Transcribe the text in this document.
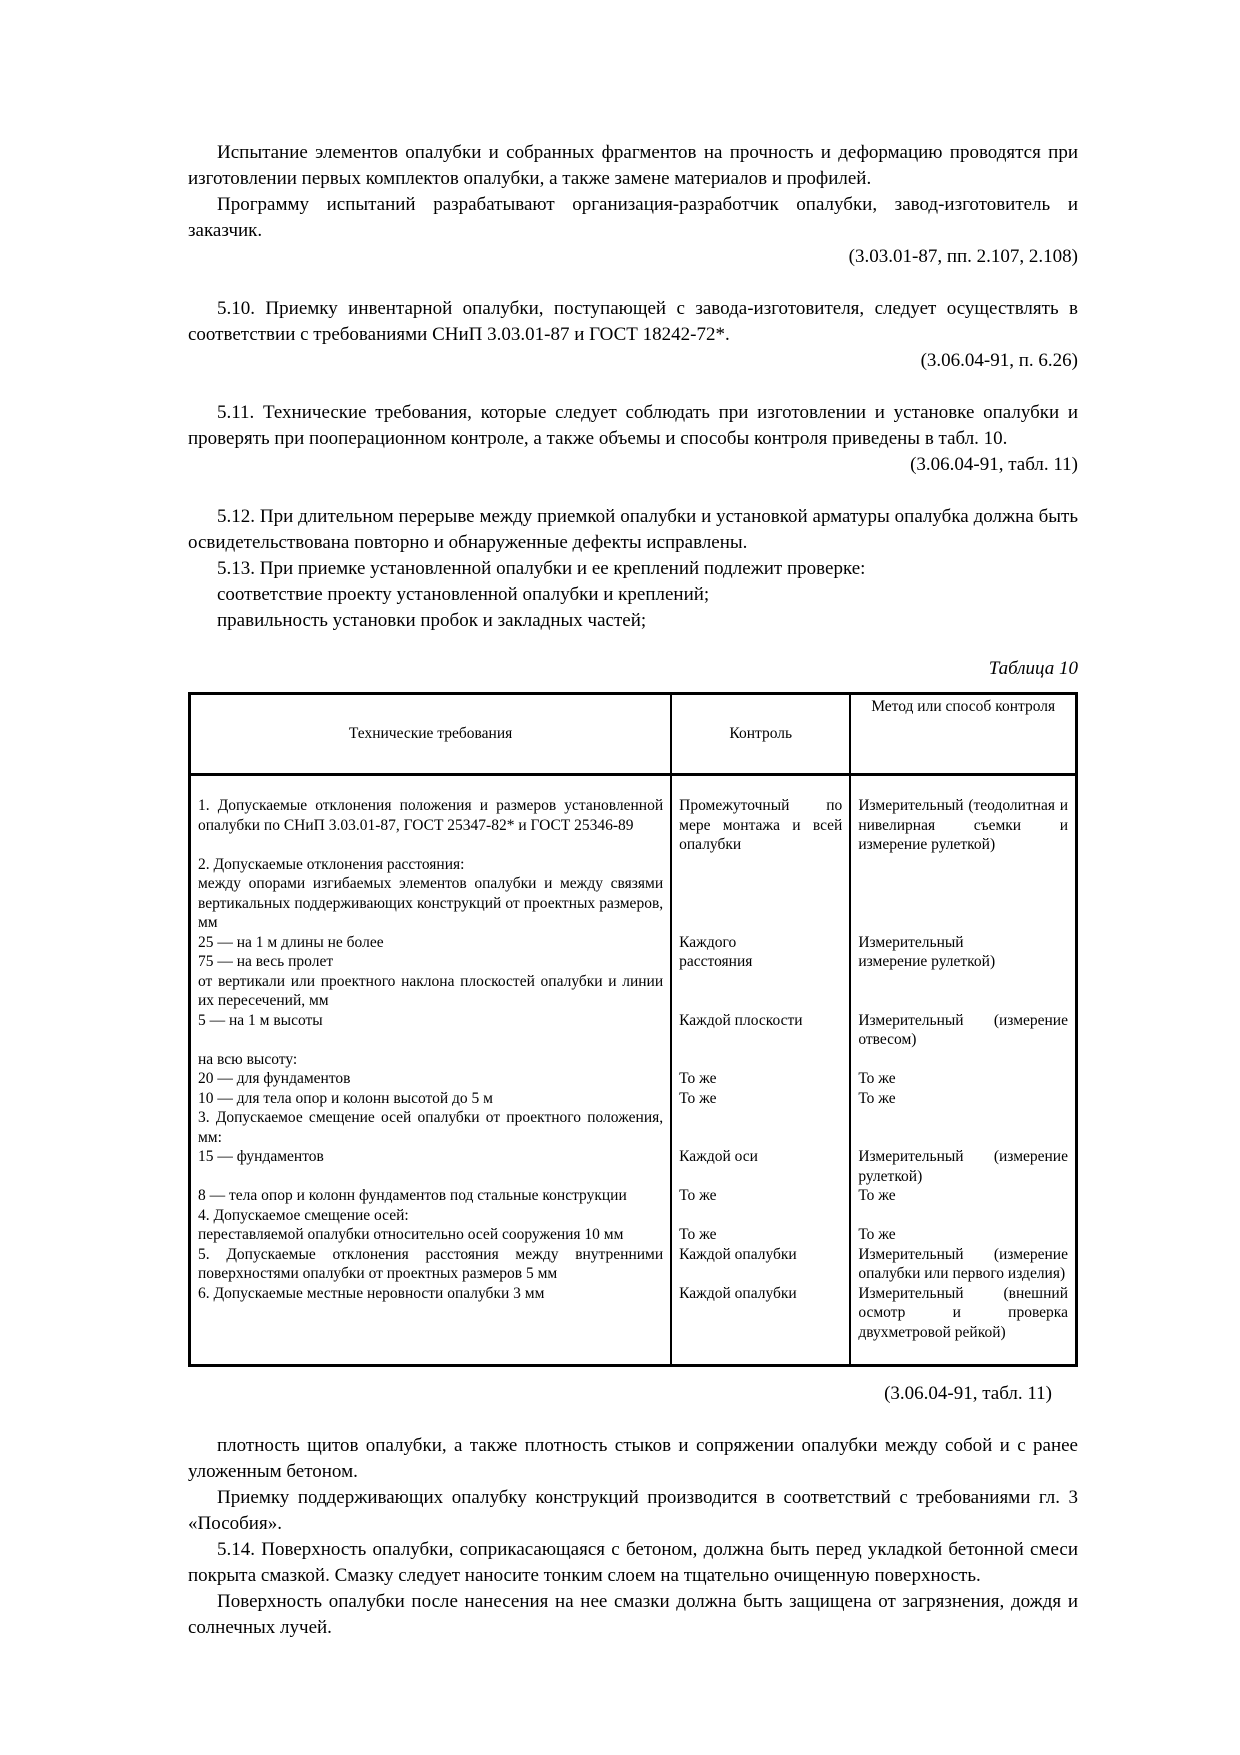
Испытание элементов опалубки и собранных фрагментов на прочность и деформацию проводятся при изготовлении первых комплектов опалубки, а также замене материалов и профилей.

Программу испытаний разрабатывают организация-разработчик опалубки, завод-изготовитель и заказчик.

(3.03.01-87, пп. 2.107, 2.108)

5.10. Приемку инвентарной опалубки, поступающей с завода-изготовителя, следует осуществлять в соответствии с требованиями СНиП 3.03.01-87 и ГОСТ 18242-72*.

(3.06.04-91, п. 6.26)

5.11. Технические требования, которые следует соблюдать при изготовлении и установке опалубки и проверять при пооперационном контроле, а также объемы и способы контроля приведены в табл. 10.

(3.06.04-91, табл. 11)

5.12. При длительном перерыве между приемкой опалубки и установкой арматуры опалубка должна быть освидетельствована повторно и обнаруженные дефекты исправлены.

5.13. При приемке установленной опалубки и ее креплений подлежит проверке:

соответствие проекту установленной опалубки и креплений;

правильность установки пробок и закладных частей;

Таблица 10

Технические требования	Контроль	Метод или способ контроля
1. Допускаемые отклонения положения и размеров установленной опалубки по СНиП 3.03.01-87, ГОСТ 25347-82* и ГОСТ 25346-89	Промежуточный по мере монтажа и всей опалубки	Измерительный (теодолитная и нивелирная съемки и измерение рулеткой)
2. Допускаемые отклонения расстояния:		
между опорами изгибаемых элементов опалубки и между связями вертикальных поддерживающих конструкций от проектных размеров, мм		
25 — на 1 м длины не более	Каждого	Измерительный
75 — на весь пролет	расстояния	измерение рулеткой)
от вертикали или проектного наклона плоскостей опалубки и линии их пересечений, мм		
5 — на 1 м высоты	Каждой плоскости	Измерительный (измерение отвесом)
на всю высоту:		
20 — для фундаментов	То же	То же
10 — для тела опор и колонн высотой до 5 м	То же	То же
3. Допускаемое смещение осей опалубки от проектного положения, мм:		
15 — фундаментов	Каждой оси	Измерительный (измерение рулеткой)
8 — тела опор и колонн фундаментов под стальные конструкции	То же	То же
4. Допускаемое смещение осей:		
переставляемой опалубки относительно осей сооружения 10 мм	То же	То же
5. Допускаемые отклонения расстояния между внутренними поверхностями опалубки от проектных размеров 5 мм	Каждой опалубки	Измерительный (измерение опалубки или первого изделия)
6. Допускаемые местные неровности опалубки 3 мм	Каждой опалубки	Измерительный (внешний осмотр и проверка двухметровой рейкой)

(3.06.04-91, табл. 11)

плотность щитов опалубки, а также плотность стыков и сопряжении опалубки между собой и с ранее уложенным бетоном.

Приемку поддерживающих опалубку конструкций производится в соответствий с требованиями гл. 3 «Пособия».

5.14. Поверхность опалубки, соприкасающаяся с бетоном, должна быть перед укладкой бетонной смеси покрыта смазкой. Смазку следует наносите тонким слоем на тщательно очищенную поверхность.

Поверхность опалубки после нанесения на нее смазки должна быть защищена от загрязнения, дождя и солнечных лучей.
